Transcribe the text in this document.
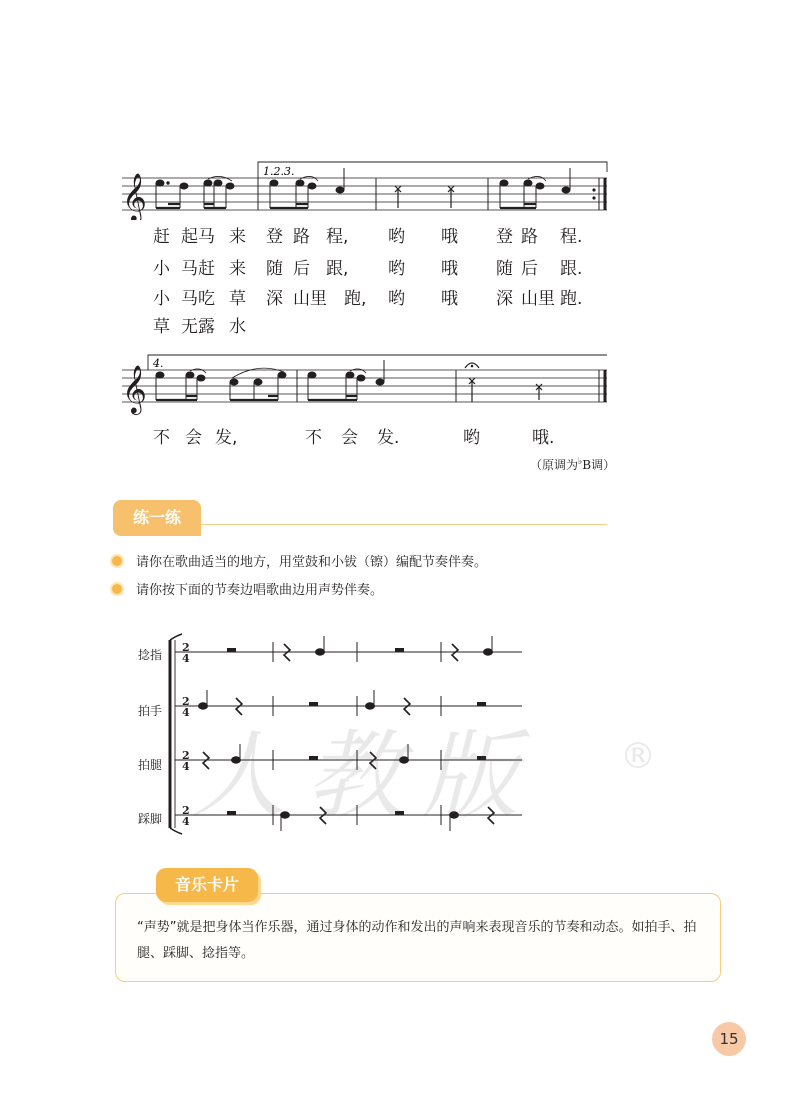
𝄞
1.2.3.
赶 起马 来 登 路 程, 哟 哦 登 路 程.
小 马赶 来 随 后 跟, 哟 哦 随 后 跟.
小 马吃 草 深 山里 跑, 哟 哦 深 山里 跑.
草 无露 水
𝄞
4.
不 会 发,	不 会 发.	哟	哦.
（原调为♭B调）
练一练
请你在歌曲适当的地方，用堂鼓和小钹（镲）编配节奏伴奏。
请你按下面的节奏边唱歌曲边用声势伴奏。
捻指
拍手
拍腿
踩脚
2
4
2
4
2
4
2
4 人教版 ®
音乐卡片
“声势”就是把身体当作乐器，通过身体的动作和发出的声响来表现音乐的节奏和动态。如拍手、拍腿、踩脚、捻指等。
15
